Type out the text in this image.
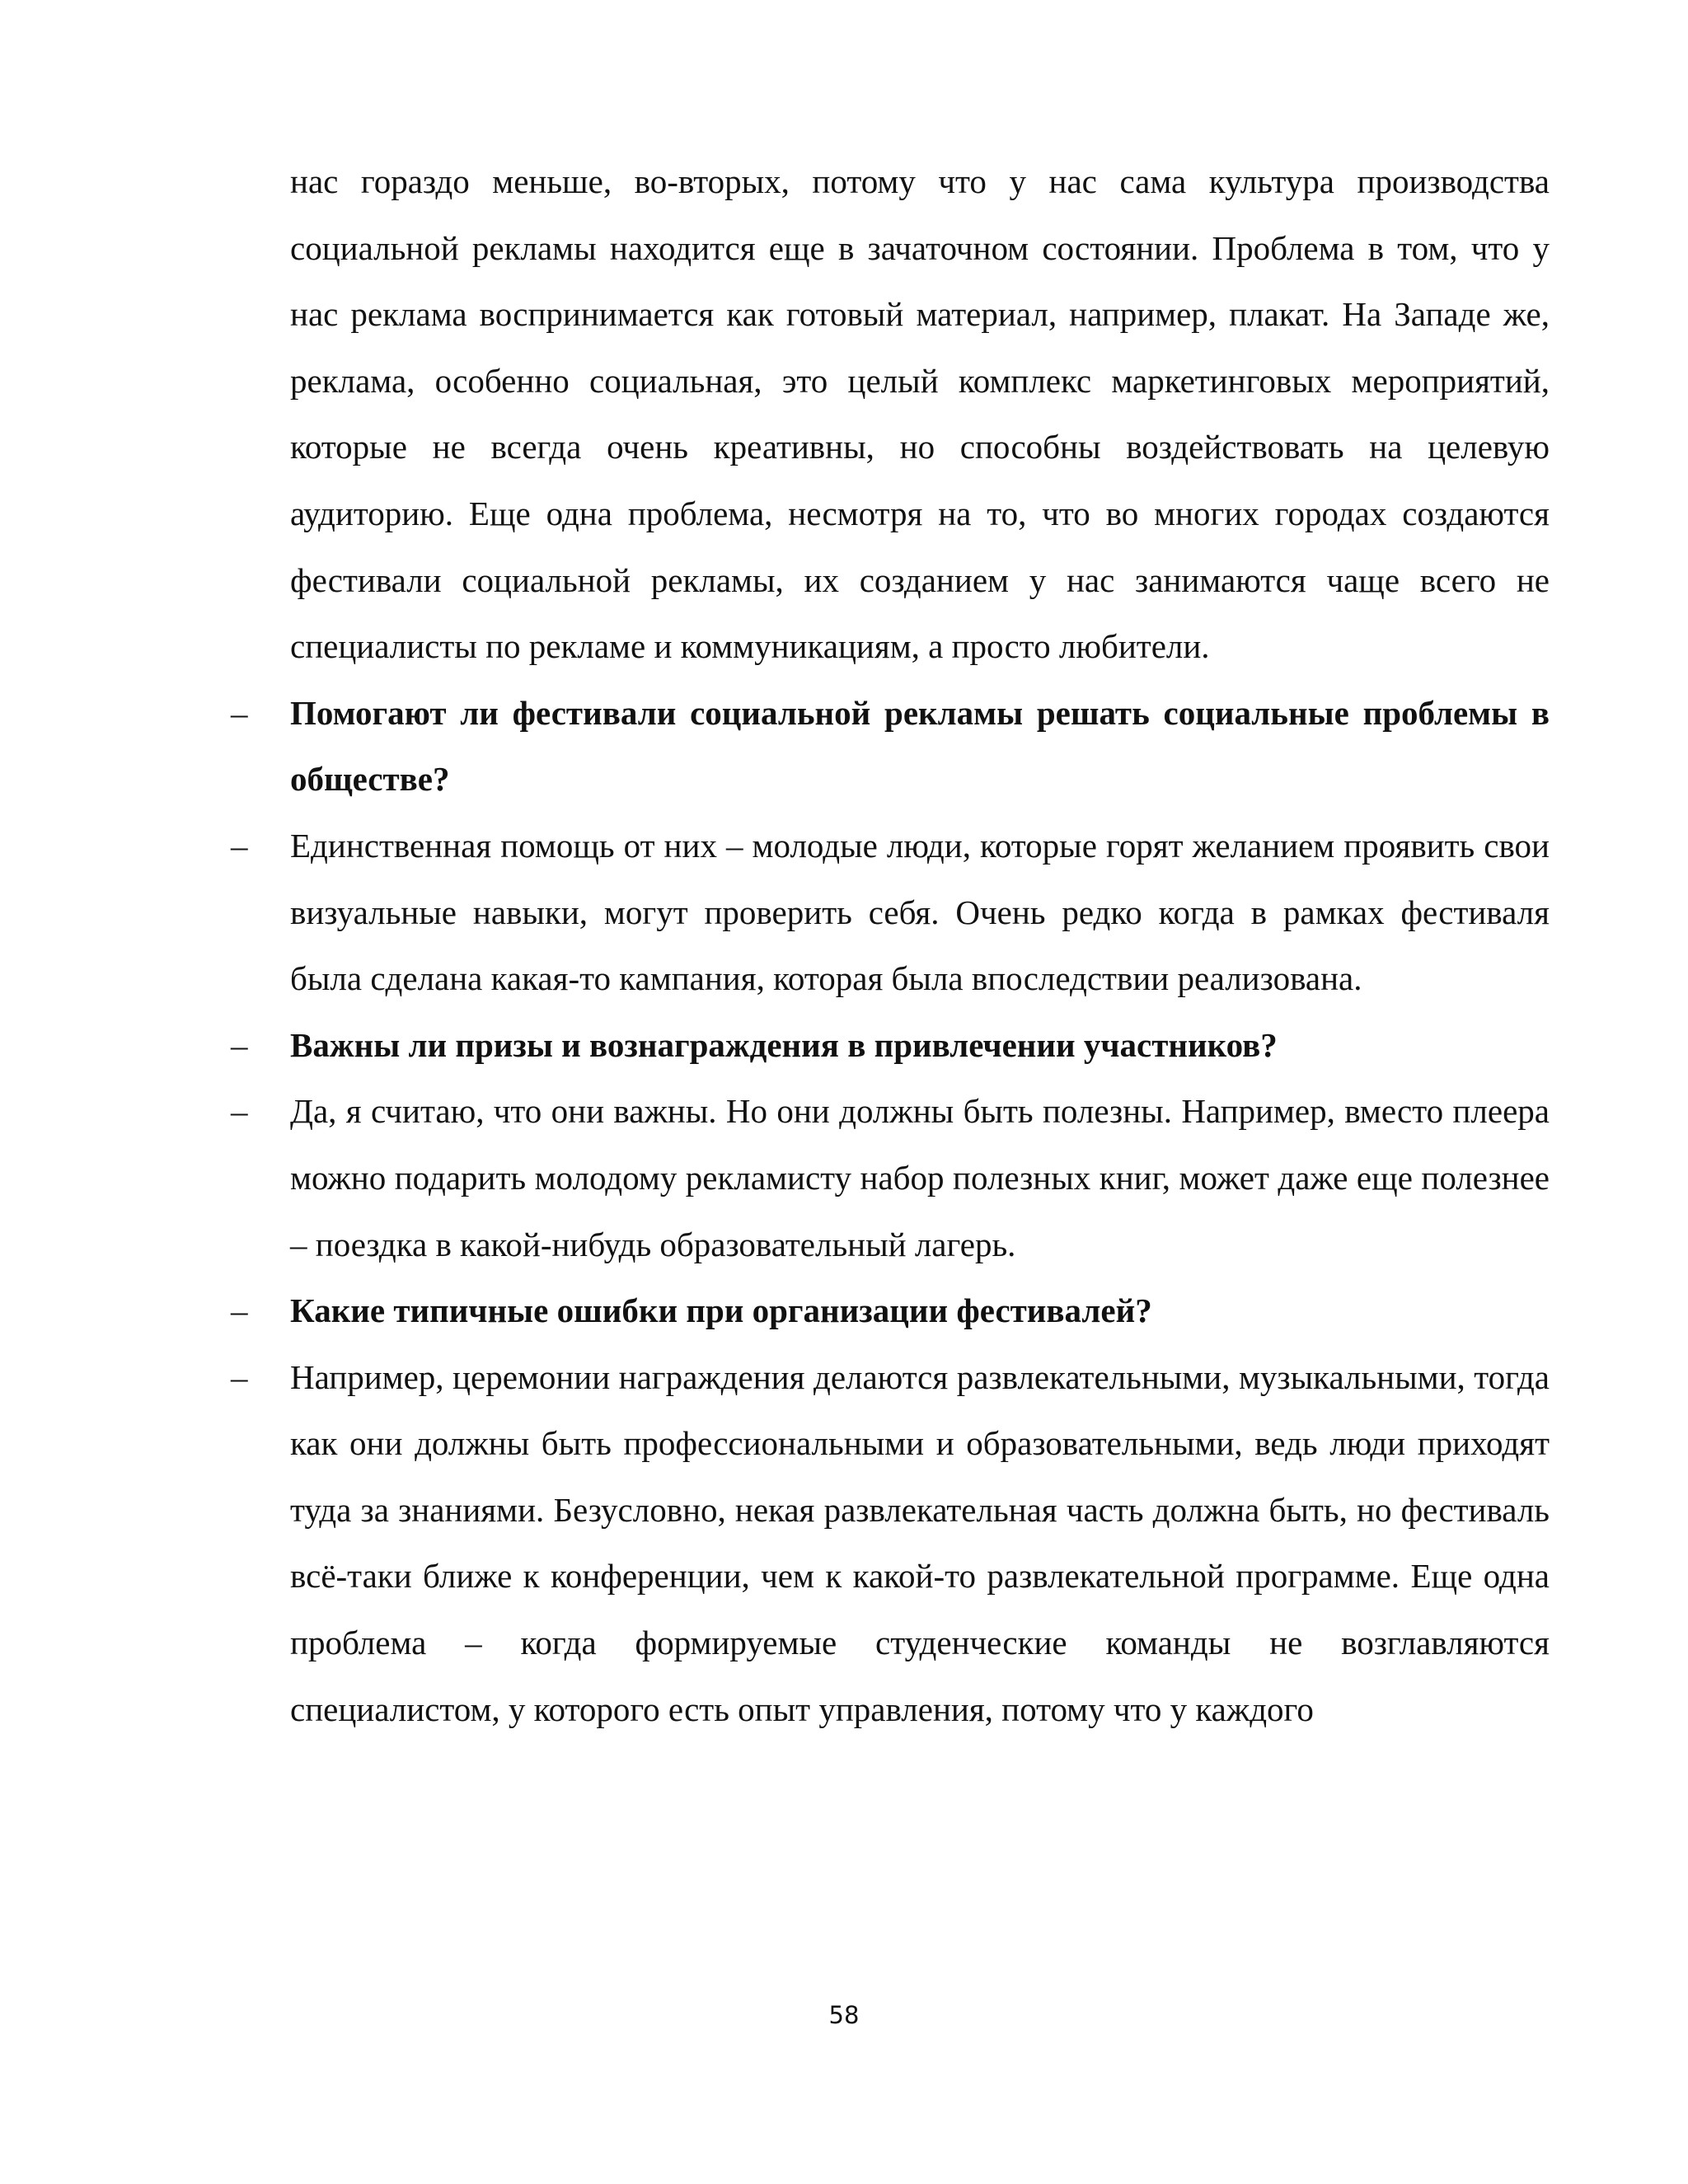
нас гораздо меньше, во-вторых, потому что у нас сама культура производства социальной рекламы находится еще в зачаточном состоянии. Проблема в том, что у нас реклама воспринимается как готовый материал, например, плакат. На Западе же, реклама, особенно социальная, это целый комплекс маркетинговых мероприятий, которые не всегда очень креативны, но способны воздействовать на целевую аудиторию. Еще одна проблема, несмотря на то, что во многих городах создаются фестивали социальной рекламы, их созданием у нас занимаются чаще всего не специалисты по рекламе и коммуникациям, а просто любители.

– Помогают ли фестивали социальной рекламы решать социальные проблемы в обществе?

– Единственная помощь от них – молодые люди, которые горят желанием проявить свои визуальные навыки, могут проверить себя. Очень редко когда в рамках фестиваля была сделана какая-то кампания, которая была впоследствии реализована.

– Важны ли призы и вознаграждения в привлечении участников?

– Да, я считаю, что они важны. Но они должны быть полезны. Например, вместо плеера можно подарить молодому рекламисту набор полезных книг, может даже еще полезнее – поездка в какой-нибудь образовательный лагерь.

– Какие типичные ошибки при организации фестивалей?

– Например, церемонии награждения делаются развлекательными, музыкальными, тогда как они должны быть профессиональными и образовательными, ведь люди приходят туда за знаниями. Безусловно, некая развлекательная часть должна быть, но фестиваль всё-таки ближе к конференции, чем к какой-то развлекательной программе. Еще одна проблема – когда формируемые студенческие команды не возглавляются специалистом, у которого есть опыт управления, потому что у каждого

58
